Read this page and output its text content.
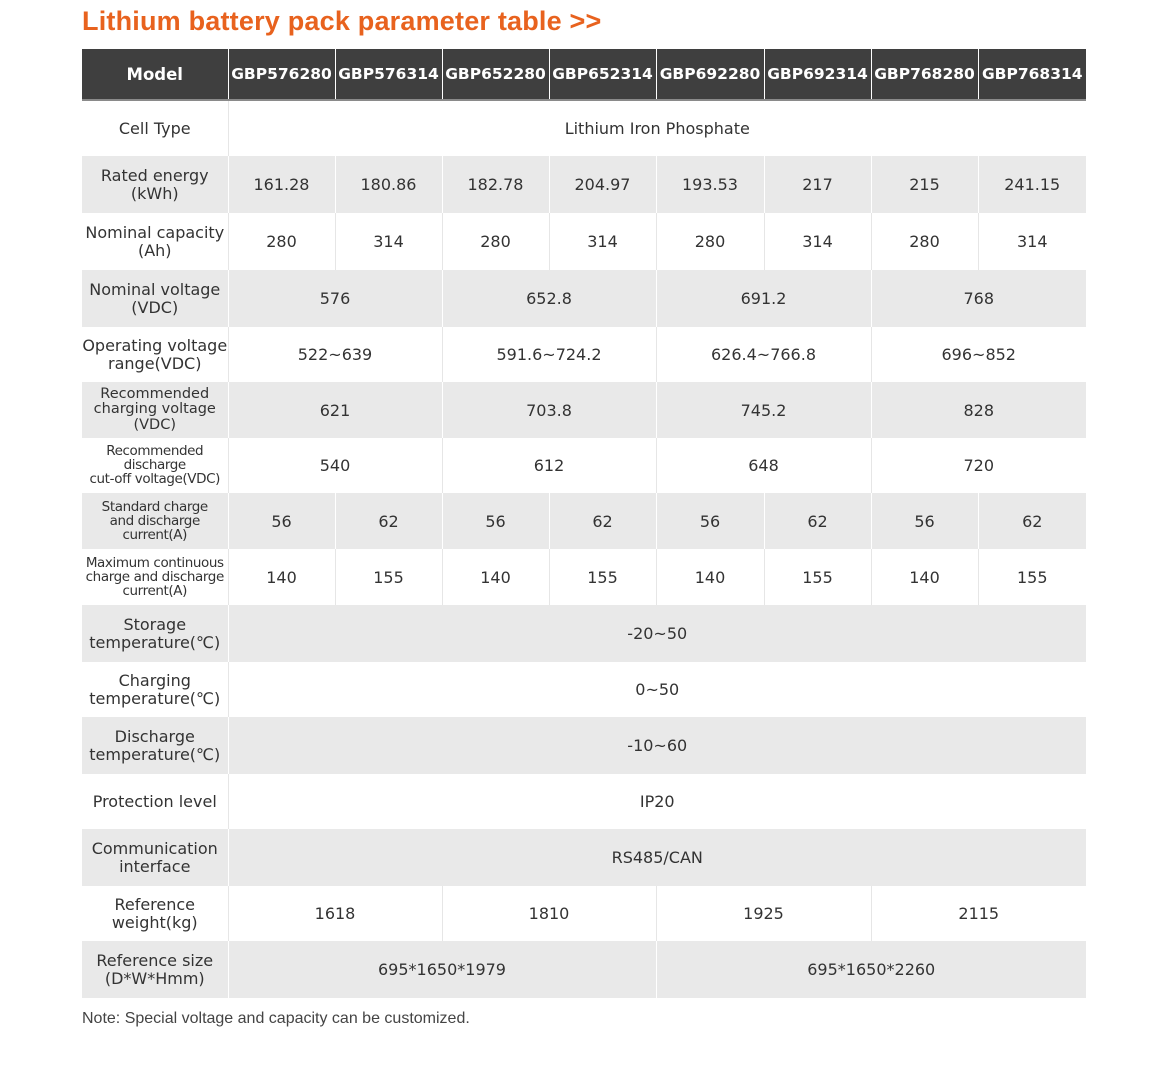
Lithium battery pack parameter table >>
Model	GBP576280	GBP576314	GBP652280	GBP652314	GBP692280	GBP692314	GBP768280	GBP768314
Cell Type	Lithium Iron Phosphate							
Rated energy
(kWh)	161.28	180.86	182.78	204.97	193.53	217	215	241.15
Nominal capacity
(Ah)	280	314	280	314	280	314	280	314
Nominal voltage
(VDC)	576		652.8		691.2		768	
Operating voltage
range(VDC)	522~639		591.6~724.2		626.4~766.8		696~852	
Recommended
charging voltage
(VDC)	621		703.8		745.2		828	
Recommended
discharge
cut-off voltage(VDC)	540		612		648		720	
Standard charge
and discharge
current(A)	56	62	56	62	56	62	56	62
Maximum continuous
charge and discharge
current(A)	140	155	140	155	140	155	140	155
Storage
temperature(℃)	-20~50							
Charging
temperature(℃)	0~50							
Discharge
temperature(℃)	-10~60							
Protection level	IP20							
Communication
interface	RS485/CAN							
Reference
weight(kg)	1618		1810		1925		2115	
Reference size
(D*W*Hmm)	695*1650*1979				695*1650*2260			

Note: Special voltage and capacity can be customized.
